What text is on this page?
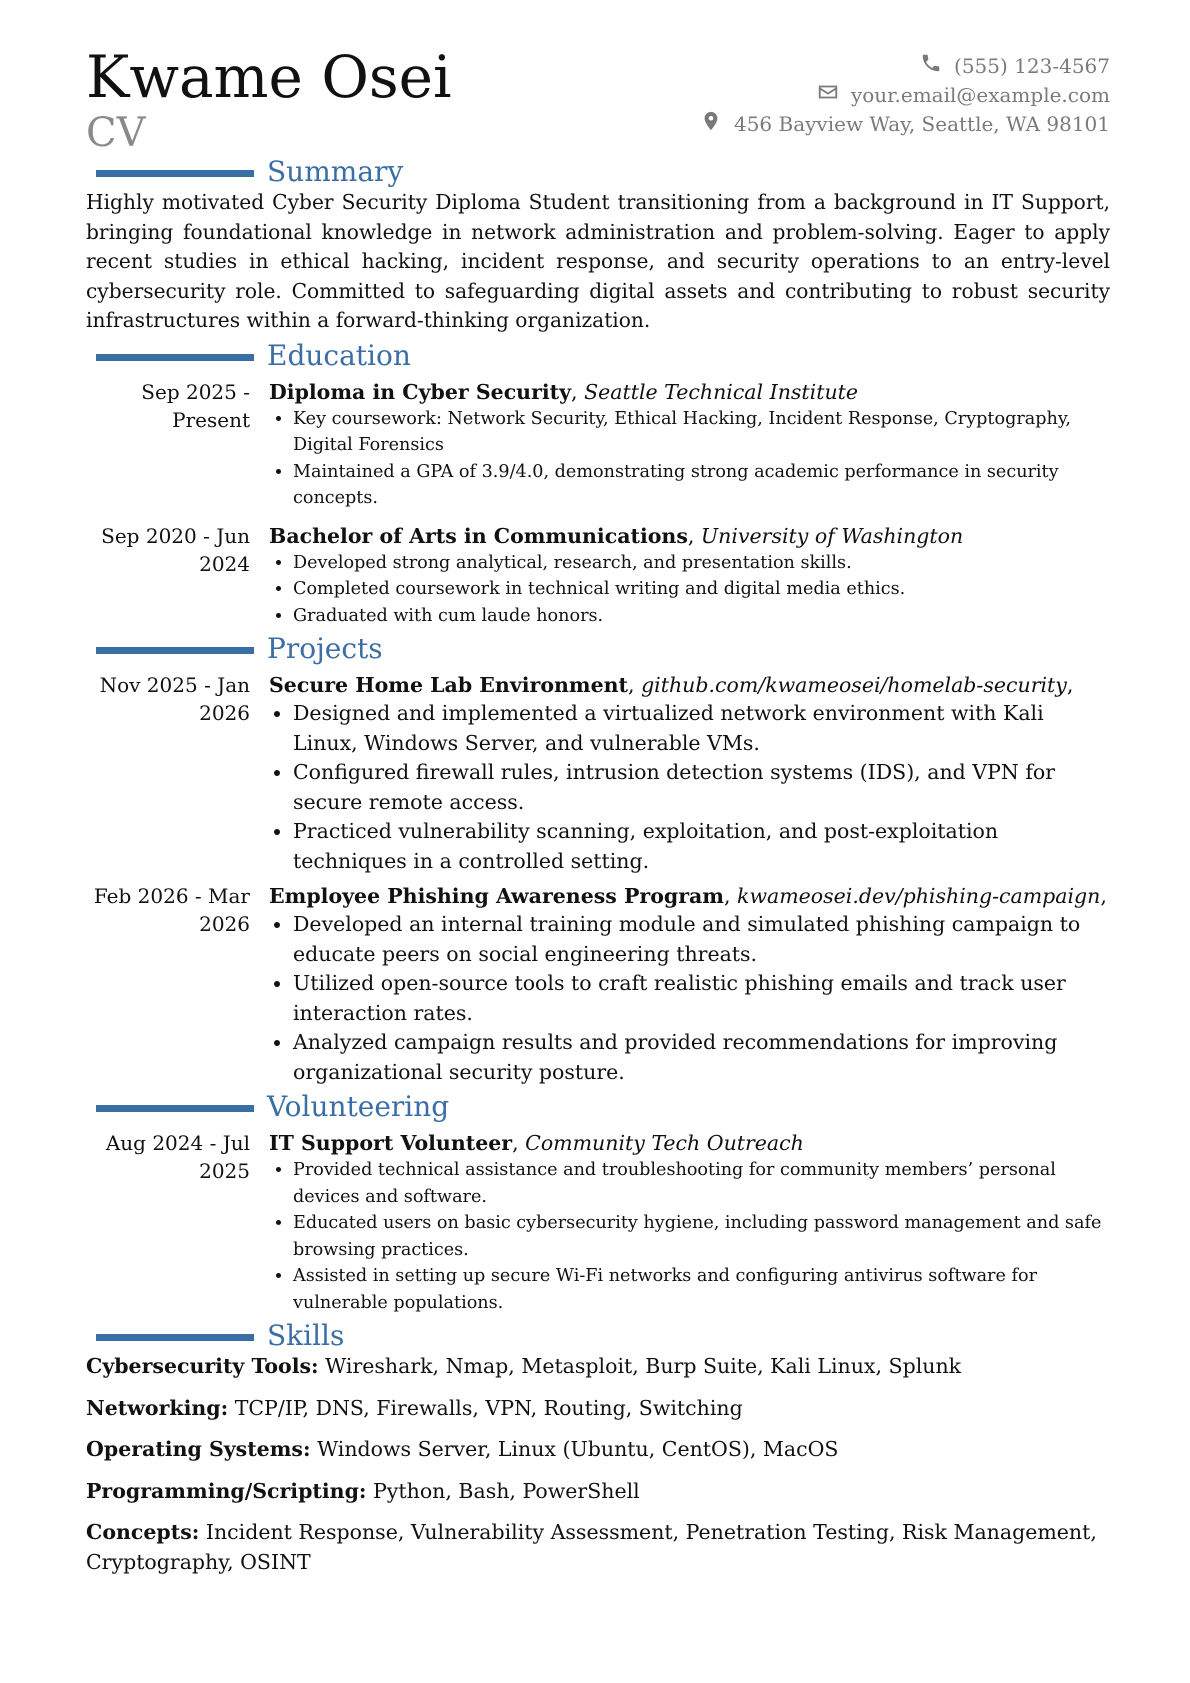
Kwame Osei
CV
(555) 123-4567
your.email@example.com
456 Bayview Way, Seattle, WA 98101
Summary

Highly motivated Cyber Security Diploma Student transitioning from a background in IT Support, bringing foundational knowledge in network administration and problem-solving. Eager to apply recent studies in ethical hacking, incident response, and security operations to an entry-level cybersecurity role. Committed to safeguarding digital assets and contributing to robust security infrastructures within a forward-thinking organization.

Education
Sep 2025 - Present
Diploma in Cyber Security, Seattle Technical Institute
• Key coursework: Network Security, Ethical Hacking, Incident Response, Cryptography, Digital Forensics
• Maintained a GPA of 3.9/4.0, demonstrating strong academic performance in security concepts.
Sep 2020 - Jun 2024
Bachelor of Arts in Communications, University of Washington
• Developed strong analytical, research, and presentation skills.
• Completed coursework in technical writing and digital media ethics.
• Graduated with cum laude honors.
Projects
Nov 2025 - Jan 2026
Secure Home Lab Environment, github.com/kwameosei/homelab-security,
• Designed and implemented a virtualized network environment with Kali Linux, Windows Server, and vulnerable VMs.
• Configured firewall rules, intrusion detection systems (IDS), and VPN for secure remote access.
• Practiced vulnerability scanning, exploitation, and post-exploitation techniques in a controlled setting.
Feb 2026 - Mar 2026
Employee Phishing Awareness Program, kwameosei.dev/phishing-campaign,
• Developed an internal training module and simulated phishing campaign to educate peers on social engineering threats.
• Utilized open-source tools to craft realistic phishing emails and track user interaction rates.
• Analyzed campaign results and provided recommendations for improving organizational security posture.
Volunteering
Aug 2024 - Jul 2025
IT Support Volunteer, Community Tech Outreach
• Provided technical assistance and troubleshooting for community members’ personal devices and software.
• Educated users on basic cybersecurity hygiene, including password management and safe browsing practices.
• Assisted in setting up secure Wi-Fi networks and configuring antivirus software for vulnerable populations.
Skills

Cybersecurity Tools: Wireshark, Nmap, Metasploit, Burp Suite, Kali Linux, Splunk

Networking: TCP/IP, DNS, Firewalls, VPN, Routing, Switching

Operating Systems: Windows Server, Linux (Ubuntu, CentOS), MacOS

Programming/Scripting: Python, Bash, PowerShell

Concepts: Incident Response, Vulnerability Assessment, Penetration Testing, Risk Management, Cryptography, OSINT
